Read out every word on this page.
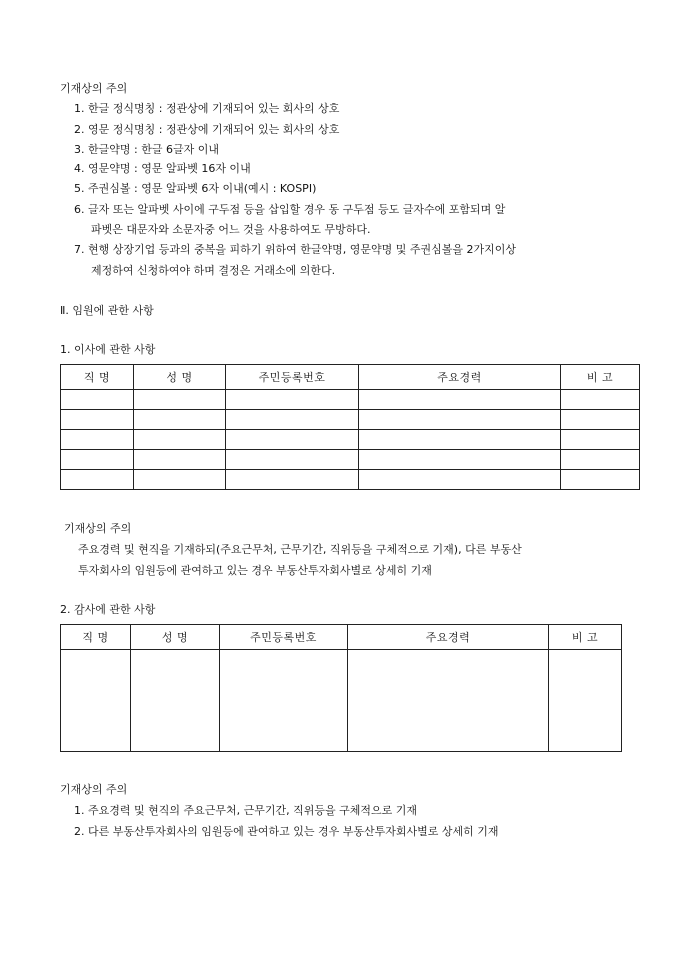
기재상의 주의
1. 한글 정식명칭 : 정관상에 기재되어 있는 회사의 상호
2. 영문 정식명칭 : 정관상에 기재되어 있는 회사의 상호
3. 한글약명 : 한글 6글자 이내
4. 영문약명 : 영문 알파벳 16자 이내
5. 주권심볼 : 영문 알파벳 6자 이내(예시 : KOSPI)
6. 글자 또는 알파벳 사이에 구두점 등을 삽입할 경우 동 구두점 등도 글자수에 포함되며 알
파벳은 대문자와 소문자중 어느 것을 사용하여도 무방하다.
7. 현행 상장기업 등과의 중복을 피하기 위하여 한글약명, 영문약명 및 주권심볼을 2가지이상
제정하여 신청하여야 하며 결정은 거래소에 의한다.
Ⅱ. 임원에 관한 사항
1. 이사에 관한 사항
직 명	성 명	주민등록번호	주요경력	비 고

기재상의 주의
주요경력 및 현직을 기재하되(주요근무처, 근무기간, 직위등을 구체적으로 기재), 다른 부동산
투자회사의 임원등에 관여하고 있는 경우 부동산투자회사별로 상세히 기재
2. 감사에 관한 사항
직 명	성 명	주민등록번호	주요경력	비 고

기재상의 주의
1. 주요경력 및 현직의 주요근무처, 근무기간, 직위등을 구체적으로 기재
2. 다른 부동산투자회사의 임원등에 관여하고 있는 경우 부동산투자회사별로 상세히 기재
